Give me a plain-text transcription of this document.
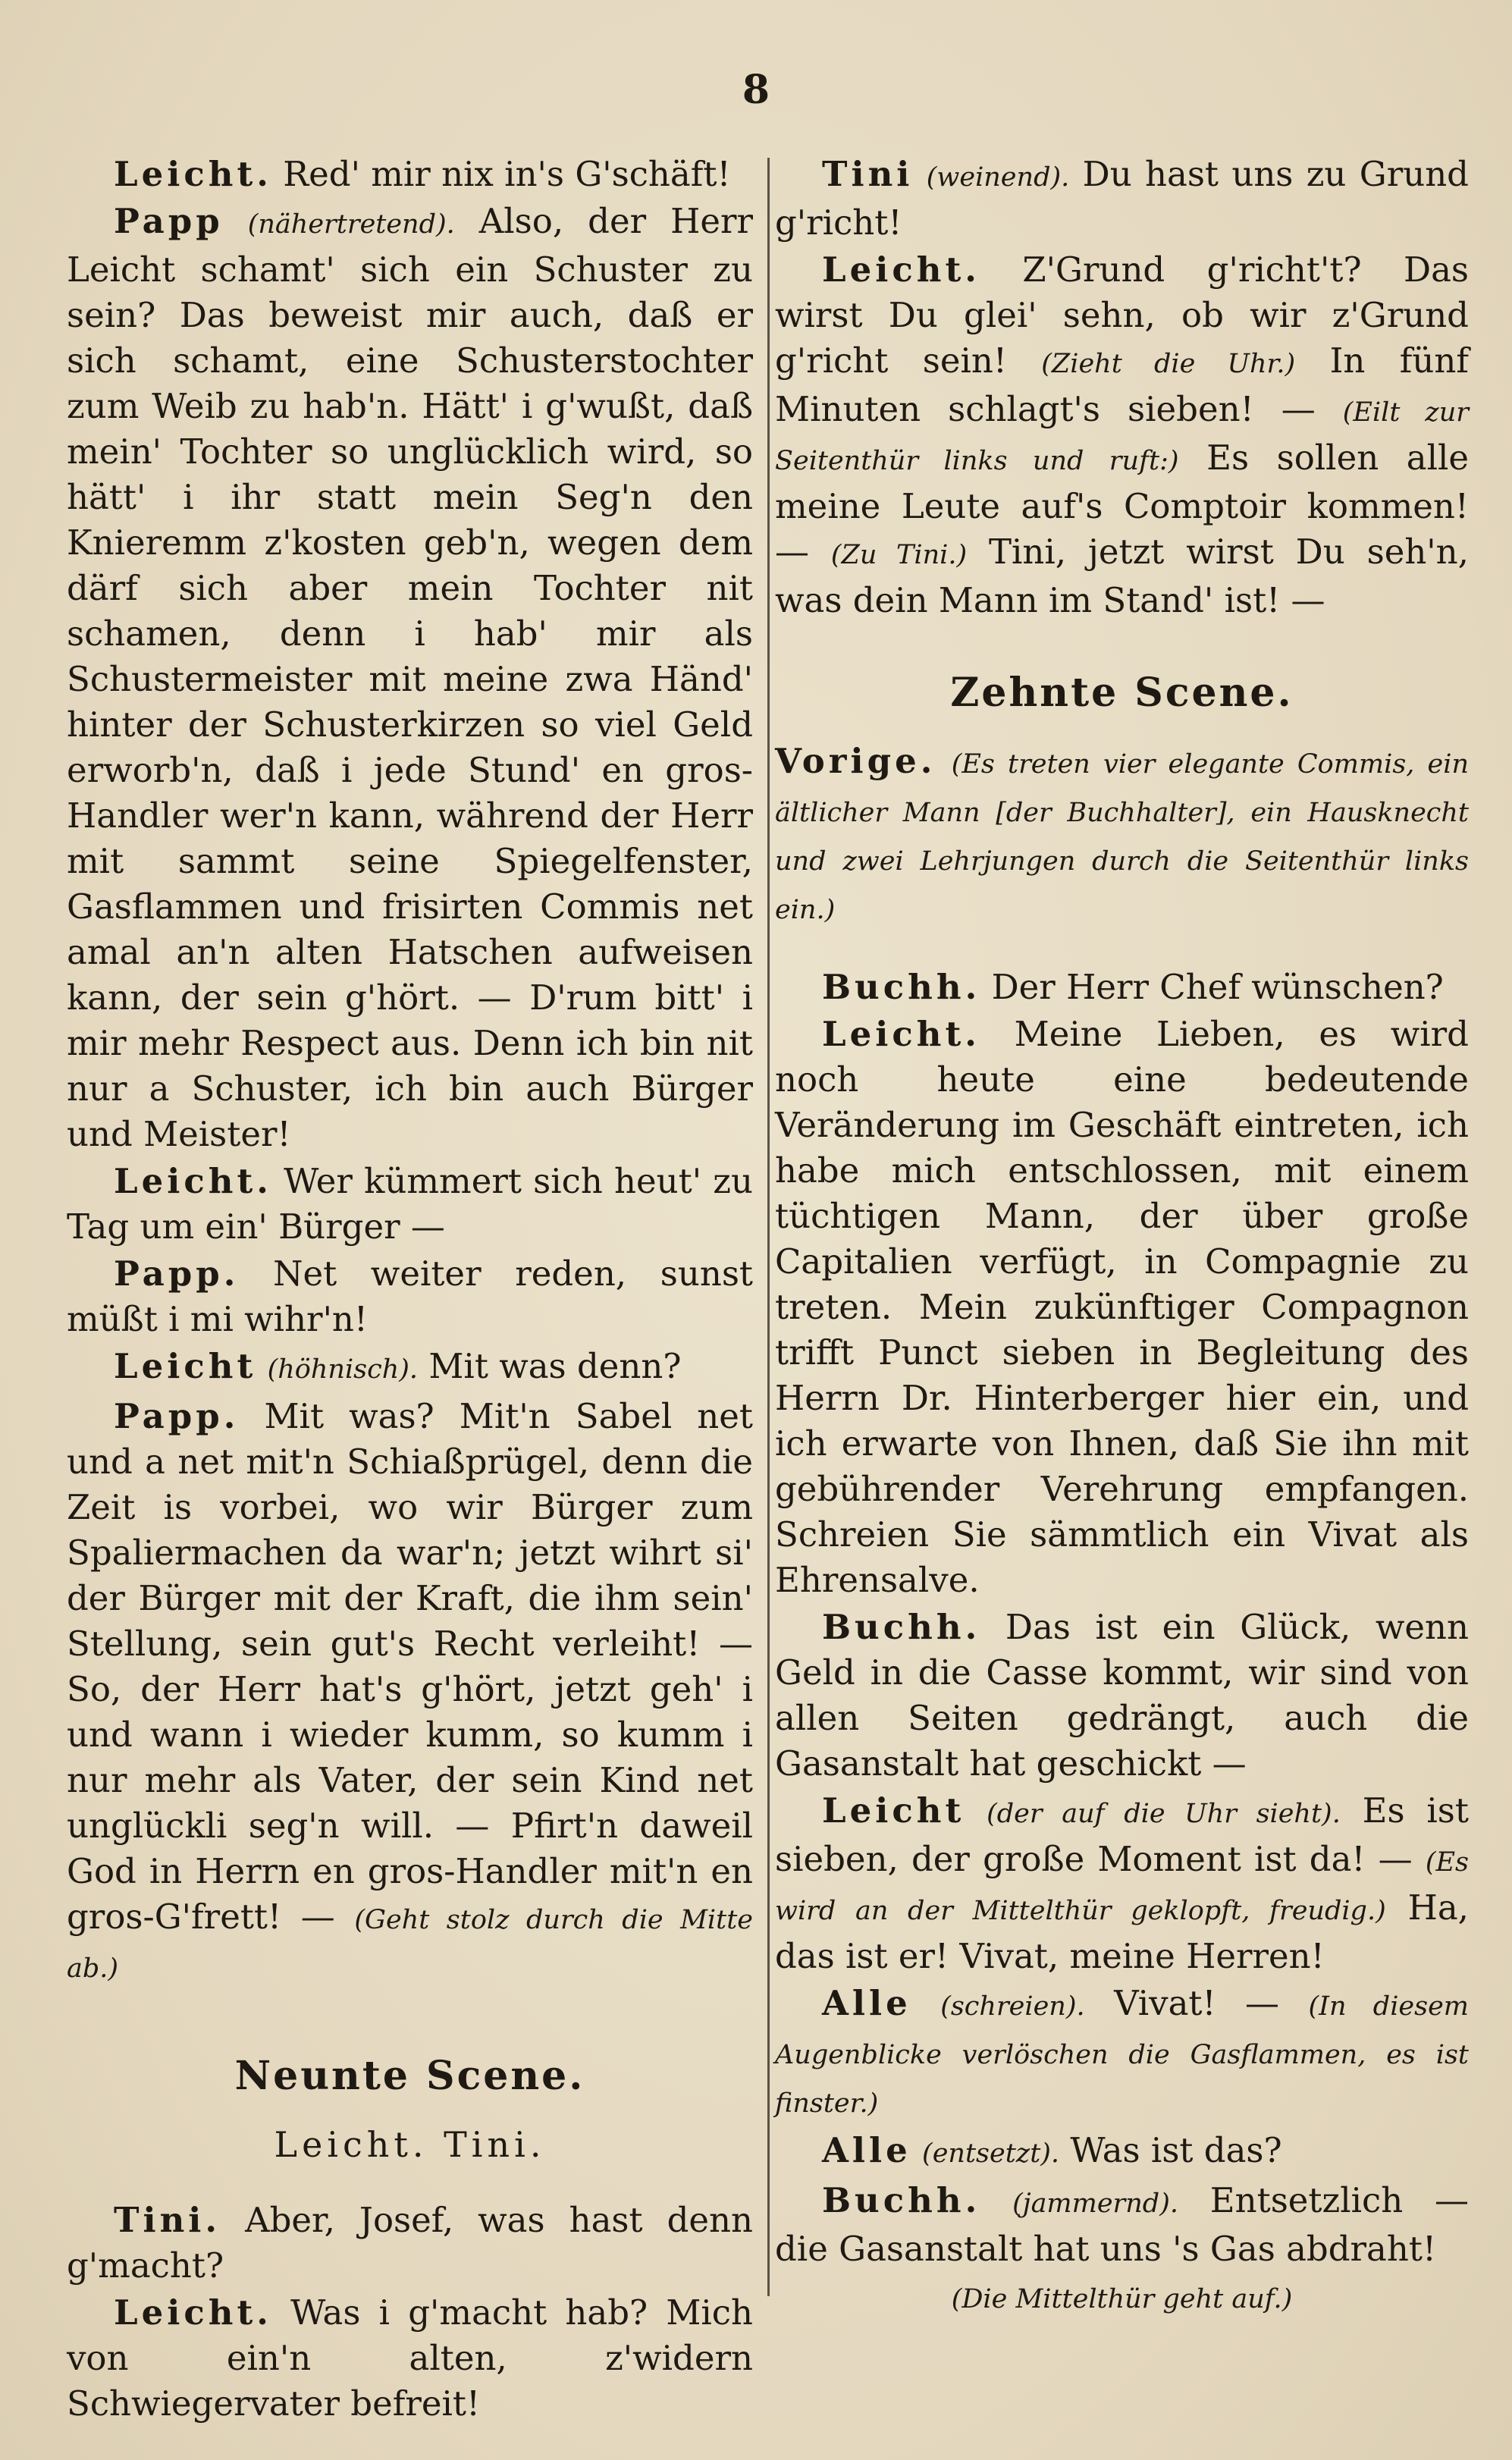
8

Leicht. Red' mir nix in's G'schäft!

Papp (nähertretend). Also, der Herr Leicht schamt' sich ein Schuster zu sein? Das beweist mir auch, daß er sich schamt, eine Schusterstochter zum Weib zu hab'n. Hätt' i g'wußt, daß mein' Tochter so unglücklich wird, so hätt' i ihr statt mein Seg'n den Knieremm z'kosten geb'n, wegen dem därf sich aber mein Tochter nit schamen, denn i hab' mir als Schustermeister mit meine zwa Händ' hinter der Schusterkirzen so viel Geld erworb'n, daß i jede Stund' en gros-Handler wer'n kann, während der Herr mit sammt seine Spiegelfenster, Gasflammen und frisirten Commis net amal an'n alten Hatschen aufweisen kann, der sein g'hört. — D'rum bitt' i mir mehr Respect aus. Denn ich bin nit nur a Schuster, ich bin auch Bürger und Meister!

Leicht. Wer kümmert sich heut' zu Tag um ein' Bürger —

Papp. Net weiter reden, sunst müßt i mi wihr'n!

Leicht (höhnisch). Mit was denn?

Papp. Mit was? Mit'n Sabel net und a net mit'n Schiaßprügel, denn die Zeit is vorbei, wo wir Bürger zum Spaliermachen da war'n; jetzt wihrt si' der Bürger mit der Kraft, die ihm sein' Stellung, sein gut's Recht verleiht! — So, der Herr hat's g'hört, jetzt geh' i und wann i wieder kumm, so kumm i nur mehr als Vater, der sein Kind net unglückli seg'n will. — Pfirt'n daweil God in Herrn en gros-Handler mit'n en gros-G'frett! — (Geht stolz durch die Mitte ab.)

Neunte Scene.

Leicht. Tini.

Tini. Aber, Josef, was hast denn g'macht?

Leicht. Was i g'macht hab? Mich von ein'n alten, z'widern Schwiegervater befreit!

Tini (weinend). Du hast uns zu Grund g'richt!

Leicht. Z'Grund g'richt't? Das wirst Du glei' sehn, ob wir z'Grund g'richt sein! (Zieht die Uhr.) In fünf Minuten schlagt's sieben! — (Eilt zur Seitenthür links und ruft:) Es sollen alle meine Leute auf's Comptoir kommen! — (Zu Tini.) Tini, jetzt wirst Du seh'n, was dein Mann im Stand' ist! —

Zehnte Scene.

Vorige. (Es treten vier elegante Commis, ein ältlicher Mann [der Buchhalter], ein Hausknecht und zwei Lehrjungen durch die Seitenthür links ein.)

Buchh. Der Herr Chef wünschen?

Leicht. Meine Lieben, es wird noch heute eine bedeutende Veränderung im Geschäft eintreten, ich habe mich entschlossen, mit einem tüchtigen Mann, der über große Capitalien verfügt, in Compagnie zu treten. Mein zukünftiger Compagnon trifft Punct sieben in Begleitung des Herrn Dr. Hinterberger hier ein, und ich erwarte von Ihnen, daß Sie ihn mit gebührender Verehrung empfangen. Schreien Sie sämmtlich ein Vivat als Ehrensalve.

Buchh. Das ist ein Glück, wenn Geld in die Casse kommt, wir sind von allen Seiten gedrängt, auch die Gasanstalt hat geschickt —

Leicht (der auf die Uhr sieht). Es ist sieben, der große Moment ist da! — (Es wird an der Mittelthür geklopft, freudig.) Ha, das ist er! Vivat, meine Herren!

Alle (schreien). Vivat! — (In diesem Augenblicke verlöschen die Gasflammen, es ist finster.)

Alle (entsetzt). Was ist das?

Buchh. (jammernd). Entsetzlich — die Gasanstalt hat uns 's Gas abdraht!

(Die Mittelthür geht auf.)
